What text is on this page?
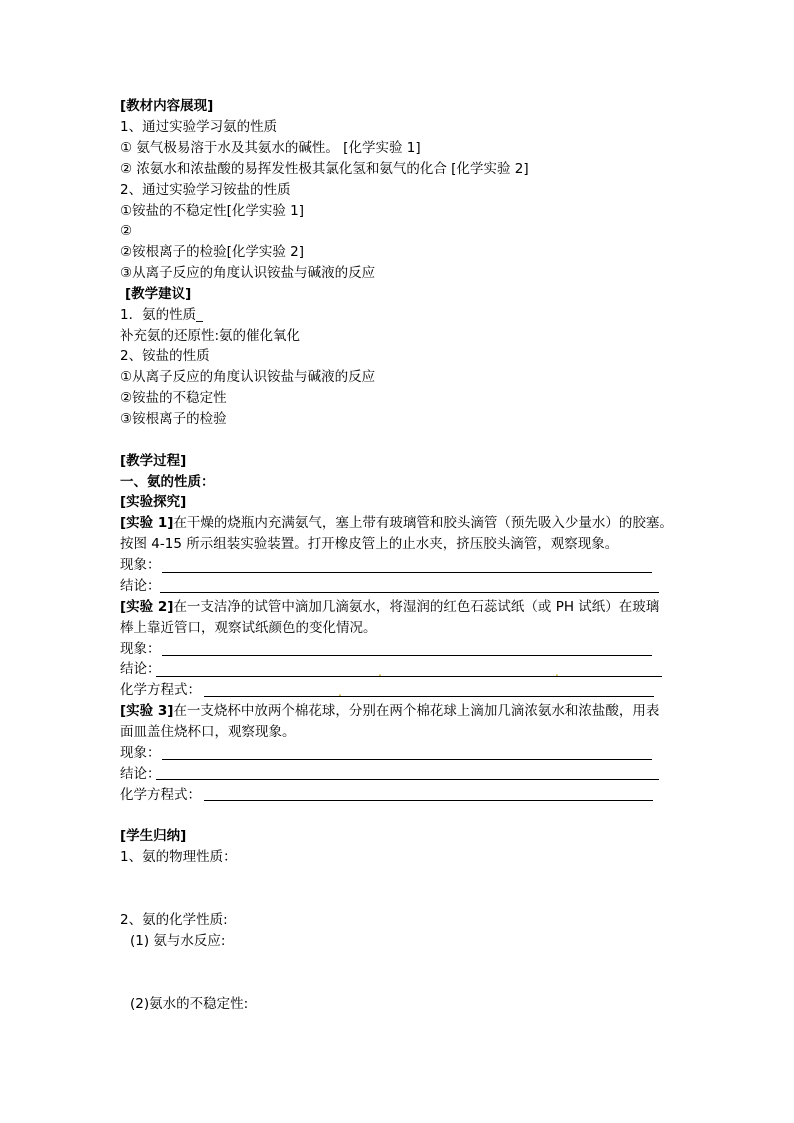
[教材内容展现]
1、通过实验学习氨的性质
① 氨气极易溶于水及其氨水的碱性。 [化学实验 1]
② 浓氨水和浓盐酸的易挥发性极其氯化氢和氨气的化合 [化学实验 2]
2、通过实验学习铵盐的性质
①铵盐的不稳定性[化学实验 1]
②
②铵根离子的检验[化学实验 2]
③从离子反应的角度认识铵盐与碱液的反应
[教学建议]
1．氨的性质_
补充氨的还原性:氨的催化氧化
2、铵盐的性质
①从离子反应的角度认识铵盐与碱液的反应
②铵盐的不稳定性
③铵根离子的检验
[教学过程]
一、氨的性质：
[实验探究]
[实验 1]在干燥的烧瓶内充满氨气，塞上带有玻璃管和胶头滴管（预先吸入少量水）的胶塞。
按图 4-15 所示组装实验装置。打开橡皮管上的止水夹，挤压胶头滴管，观察现象。
现象：
结论：
[实验 2]在一支洁净的试管中滴加几滴氨水，将湿润的红色石蕊试纸（或 PH 试纸）在玻璃
棒上靠近管口，观察试纸颜色的变化情况。
现象：
结论：	.	.
化学方程式：	.
[实验 3]在一支烧杯中放两个棉花球，分别在两个棉花球上滴加几滴浓氨水和浓盐酸，用表
面皿盖住烧杯口，观察现象。
现象：
结论：
化学方程式：
[学生归纳]
1、氨的物理性质：
2、氨的化学性质:
(1) 氨与水反应:
(2)氨水的不稳定性:
